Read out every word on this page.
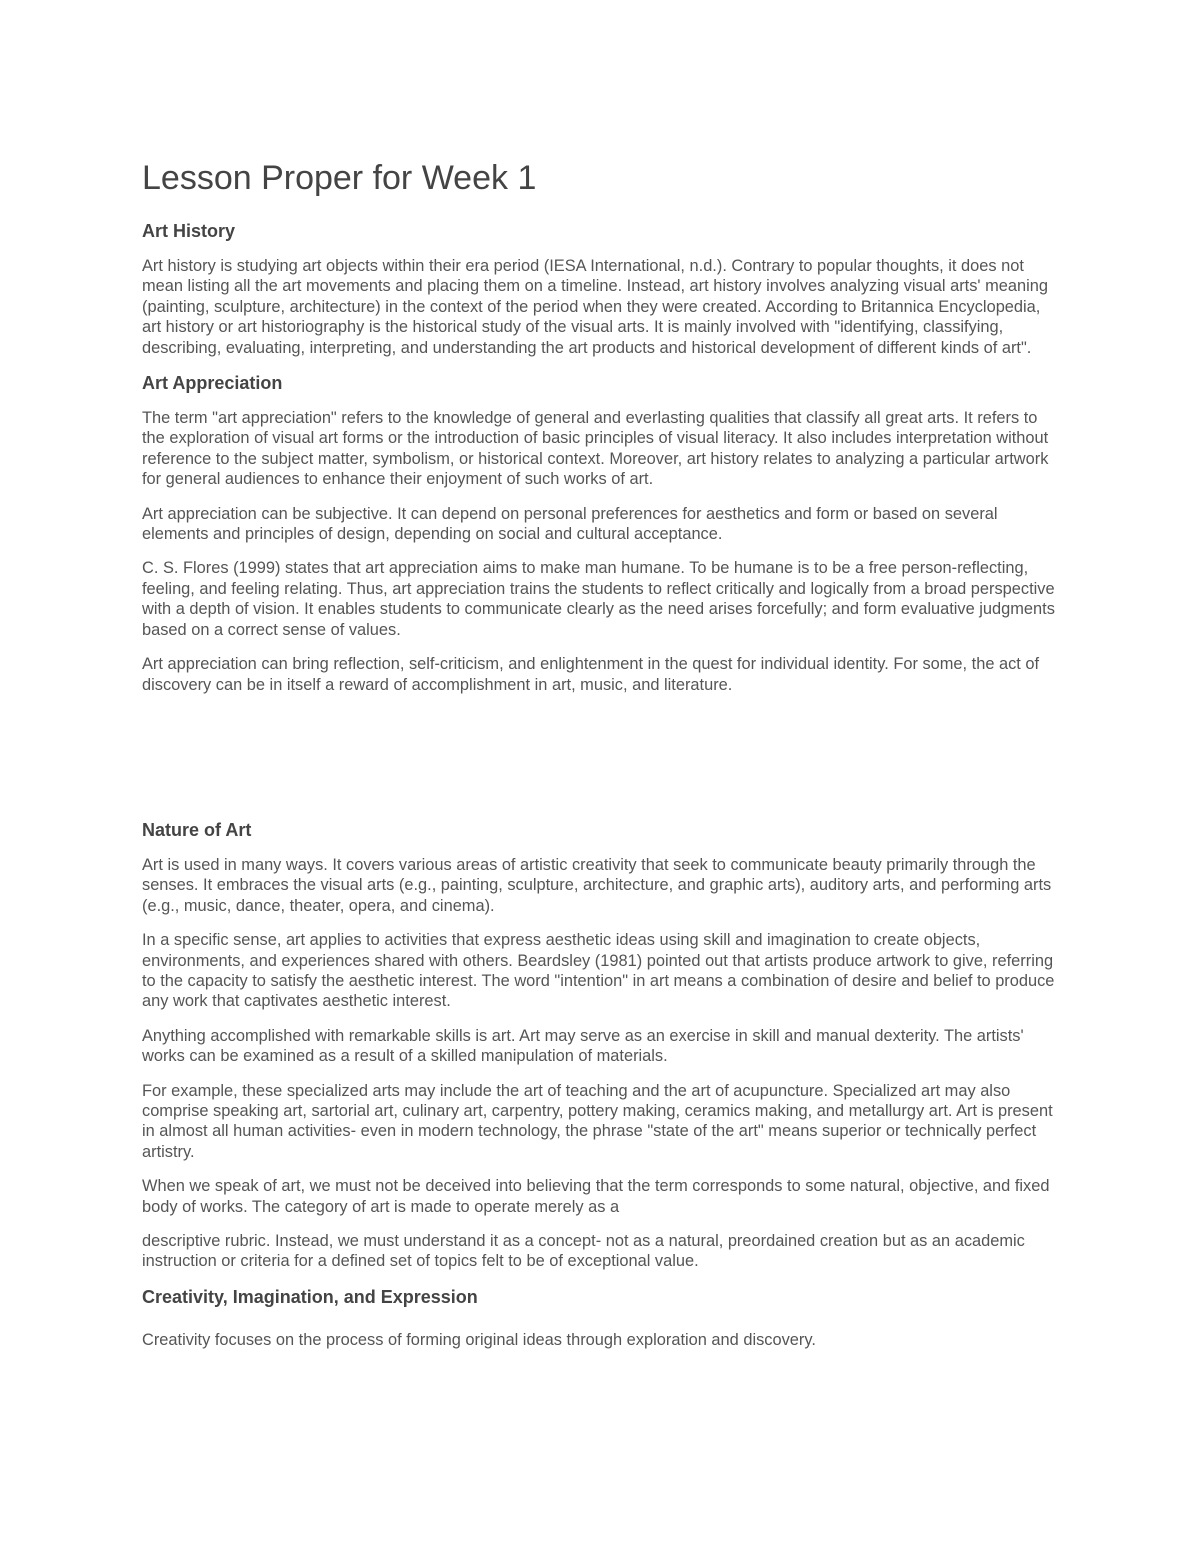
Lesson Proper for Week 1
Art History

Art history is studying art objects within their era period (IESA International, n.d.). Contrary to popular thoughts, it does not mean listing all the art movements and placing them on a timeline. Instead, art history involves analyzing visual arts' meaning (painting, sculpture, architecture) in the context of the period when they were created. According to Britannica Encyclopedia, art history or art historiography is the historical study of the visual arts. It is mainly involved with "identifying, classifying, describing, evaluating, interpreting, and understanding the art products and historical development of different kinds of art".

Art Appreciation

The term "art appreciation" refers to the knowledge of general and everlasting qualities that classify all great arts. It refers to the exploration of visual art forms or the introduction of basic principles of visual literacy. It also includes interpretation without reference to the subject matter, symbolism, or historical context. Moreover, art history relates to analyzing a particular artwork for general audiences to enhance their enjoyment of such works of art.

Art appreciation can be subjective. It can depend on personal preferences for aesthetics and form or based on several elements and principles of design, depending on social and cultural acceptance.

C. S. Flores (1999) states that art appreciation aims to make man humane. To be humane is to be a free person-reflecting, feeling, and feeling relating. Thus, art appreciation trains the students to reflect critically and logically from a broad perspective with a depth of vision. It enables students to communicate clearly as the need arises forcefully; and form evaluative judgments based on a correct sense of values.

Art appreciation can bring reflection, self-criticism, and enlightenment in the quest for individual identity. For some, the act of discovery can be in itself a reward of accomplishment in art, music, and literature.

Nature of Art

Art is used in many ways. It covers various areas of artistic creativity that seek to communicate beauty primarily through the senses. It embraces the visual arts (e.g., painting, sculpture, architecture, and graphic arts), auditory arts, and performing arts (e.g., music, dance, theater, opera, and cinema).

In a specific sense, art applies to activities that express aesthetic ideas using skill and imagination to create objects, environments, and experiences shared with others. Beardsley (1981) pointed out that artists produce artwork to give, referring to the capacity to satisfy the aesthetic interest. The word "intention" in art means a combination of desire and belief to produce any work that captivates aesthetic interest.

Anything accomplished with remarkable skills is art. Art may serve as an exercise in skill and manual dexterity. The artists' works can be examined as a result of a skilled manipulation of materials.

For example, these specialized arts may include the art of teaching and the art of acupuncture. Specialized art may also comprise speaking art, sartorial art, culinary art, carpentry, pottery making, ceramics making, and metallurgy art. Art is present in almost all human activities- even in modern technology, the phrase "state of the art" means superior or technically perfect artistry.

When we speak of art, we must not be deceived into believing that the term corresponds to some natural, objective, and fixed body of works. The category of art is made to operate merely as a

descriptive rubric. Instead, we must understand it as a concept- not as a natural, preordained creation but as an academic instruction or criteria for a defined set of topics felt to be of exceptional value.

Creativity, Imagination, and Expression

Creativity focuses on the process of forming original ideas through exploration and discovery.
